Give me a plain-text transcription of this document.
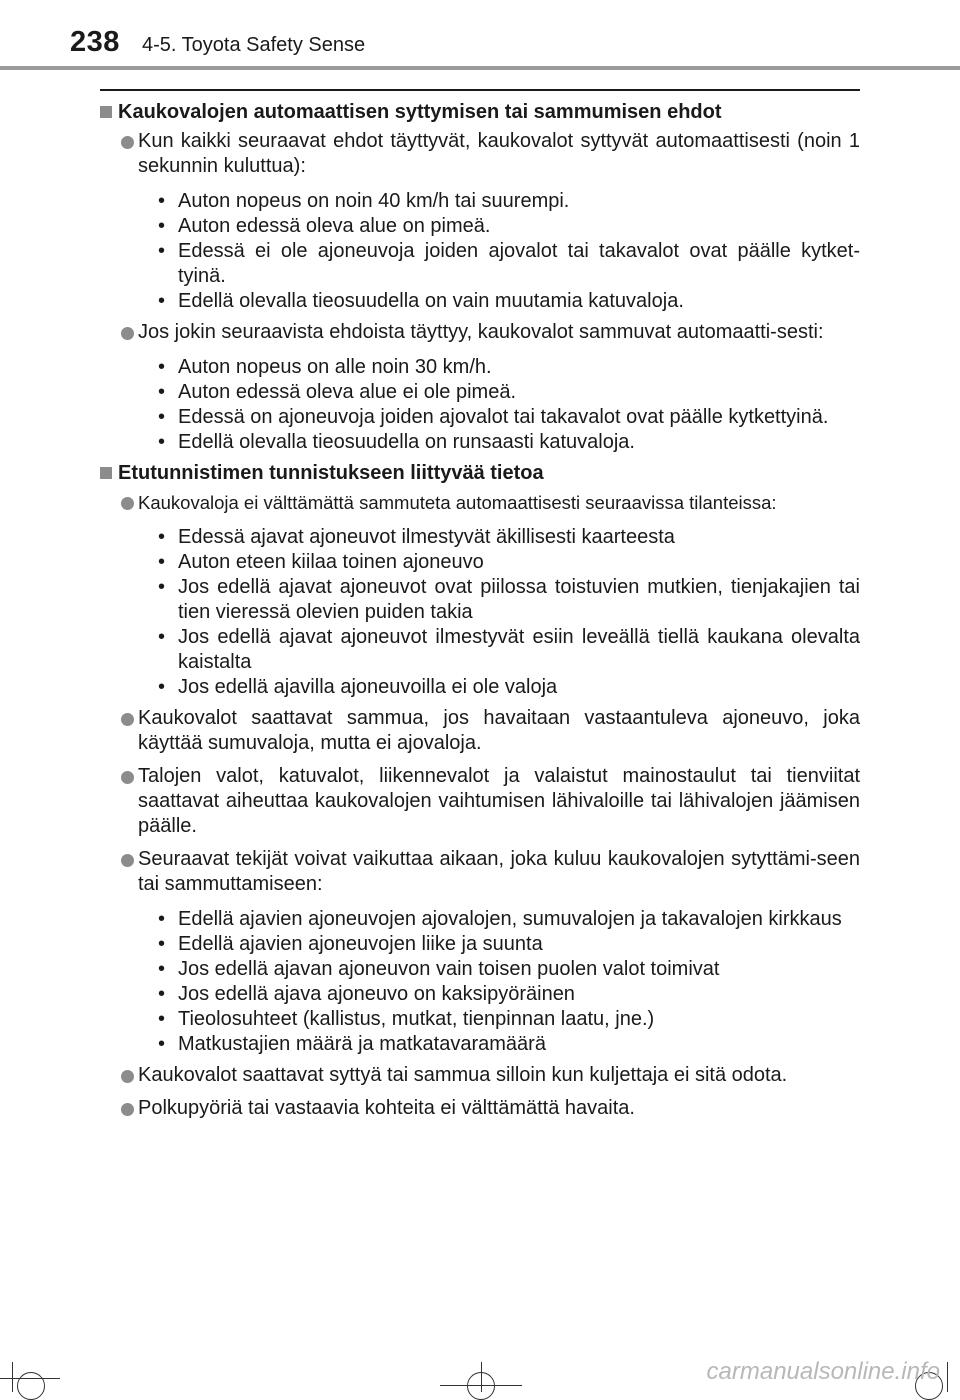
238 4-5. Toyota Safety Sense
Kaukovalojen automaattisen syttymisen tai sammumisen ehdot
Kun kaikki seuraavat ehdot täyttyvät, kaukovalot syttyvät automaattisesti (noin 1 sekunnin kuluttua):
• Auton nopeus on noin 40 km/h tai suurempi.
• Auton edessä oleva alue on pimeä.
• Edessä ei ole ajoneuvoja joiden ajovalot tai takavalot ovat päälle kytket-tyinä.
• Edellä olevalla tieosuudella on vain muutamia katuvaloja.
Jos jokin seuraavista ehdoista täyttyy, kaukovalot sammuvat automaatti-sesti:
• Auton nopeus on alle noin 30 km/h.
• Auton edessä oleva alue ei ole pimeä.
• Edessä on ajoneuvoja joiden ajovalot tai takavalot ovat päälle kytkettyinä.
• Edellä olevalla tieosuudella on runsaasti katuvaloja.
Etutunnistimen tunnistukseen liittyvää tietoa
Kaukovaloja ei välttämättä sammuteta automaattisesti seuraavissa tilanteissa:
• Edessä ajavat ajoneuvot ilmestyvät äkillisesti kaarteesta
• Auton eteen kiilaa toinen ajoneuvo
• Jos edellä ajavat ajoneuvot ovat piilossa toistuvien mutkien, tienjakajien tai tien vieressä olevien puiden takia
• Jos edellä ajavat ajoneuvot ilmestyvät esiin leveällä tiellä kaukana olevalta kaistalta
• Jos edellä ajavilla ajoneuvoilla ei ole valoja
Kaukovalot saattavat sammua, jos havaitaan vastaantuleva ajoneuvo, joka käyttää sumuvaloja, mutta ei ajovaloja.
Talojen valot, katuvalot, liikennevalot ja valaistut mainostaulut tai tienviitat saattavat aiheuttaa kaukovalojen vaihtumisen lähivaloille tai lähivalojen jäämisen päälle.
Seuraavat tekijät voivat vaikuttaa aikaan, joka kuluu kaukovalojen sytyttämi-seen tai sammuttamiseen:
• Edellä ajavien ajoneuvojen ajovalojen, sumuvalojen ja takavalojen kirkkaus
• Edellä ajavien ajoneuvojen liike ja suunta
• Jos edellä ajavan ajoneuvon vain toisen puolen valot toimivat
• Jos edellä ajava ajoneuvo on kaksipyöräinen
• Tieolosuhteet (kallistus, mutkat, tienpinnan laatu, jne.)
• Matkustajien määrä ja matkatavaramäärä
Kaukovalot saattavat syttyä tai sammua silloin kun kuljettaja ei sitä odota.
Polkupyöriä tai vastaavia kohteita ei välttämättä havaita.
carmanualsonline.info
